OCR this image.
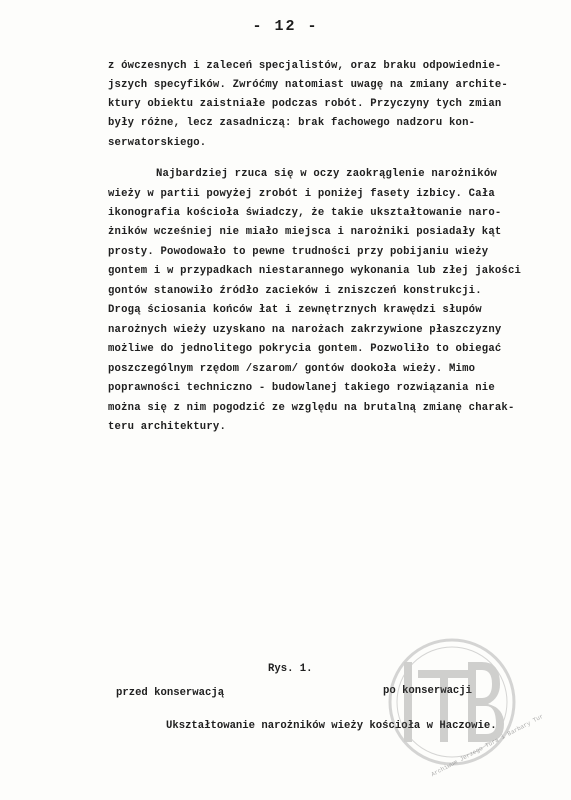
- 12 -
z ówczesnych i zaleceń specjalistów, oraz braku odpowiednie-
jszych specyfików. Zwróćmy natomiast uwagę na zmiany archite-
ktury obiektu zaistniałe podczas robót. Przyczyny tych zmian
były różne, lecz zasadniczą: brak fachowego nadzoru kon-
serwatorskiego.
Najbardziej rzuca się w oczy zaokrąglenie narożników
wieży w partii powyżej zrobót i poniżej fasety izbicy. Cała
ikonografia kościoła świadczy, że takie ukształtowanie naro-
żników wcześniej nie miało miejsca i narożniki posiadały kąt
prosty. Powodowało to pewne trudności przy pobijaniu wieży
gontem i w przypadkach niestarannego wykonania lub złej jakości
gontów stanowiło źródło zacieków i zniszczeń konstrukcji.
Drogą ściosania końców łat i zewnętrznych krawędzi słupów
narożnych wieży uzyskano na narożach zakrzywione płaszczyzny
możliwe do jednolitego pokrycia gontem. Pozwoliło to obiegać
poszczególnym rzędom /szarom/ gontów dookoła wieży. Mimo
poprawności techniczno - budowlanej takiego rozwiązania nie
można się z nim pogodzić ze względu na brutalną zmianę charak-
teru architektury.
Rys. 1.
przed konserwacją	po konserwacji
Ukształtowanie narożników wieży kościoła w Haczowie.
Archiwum Jerzego Tura i Barbary Tur
